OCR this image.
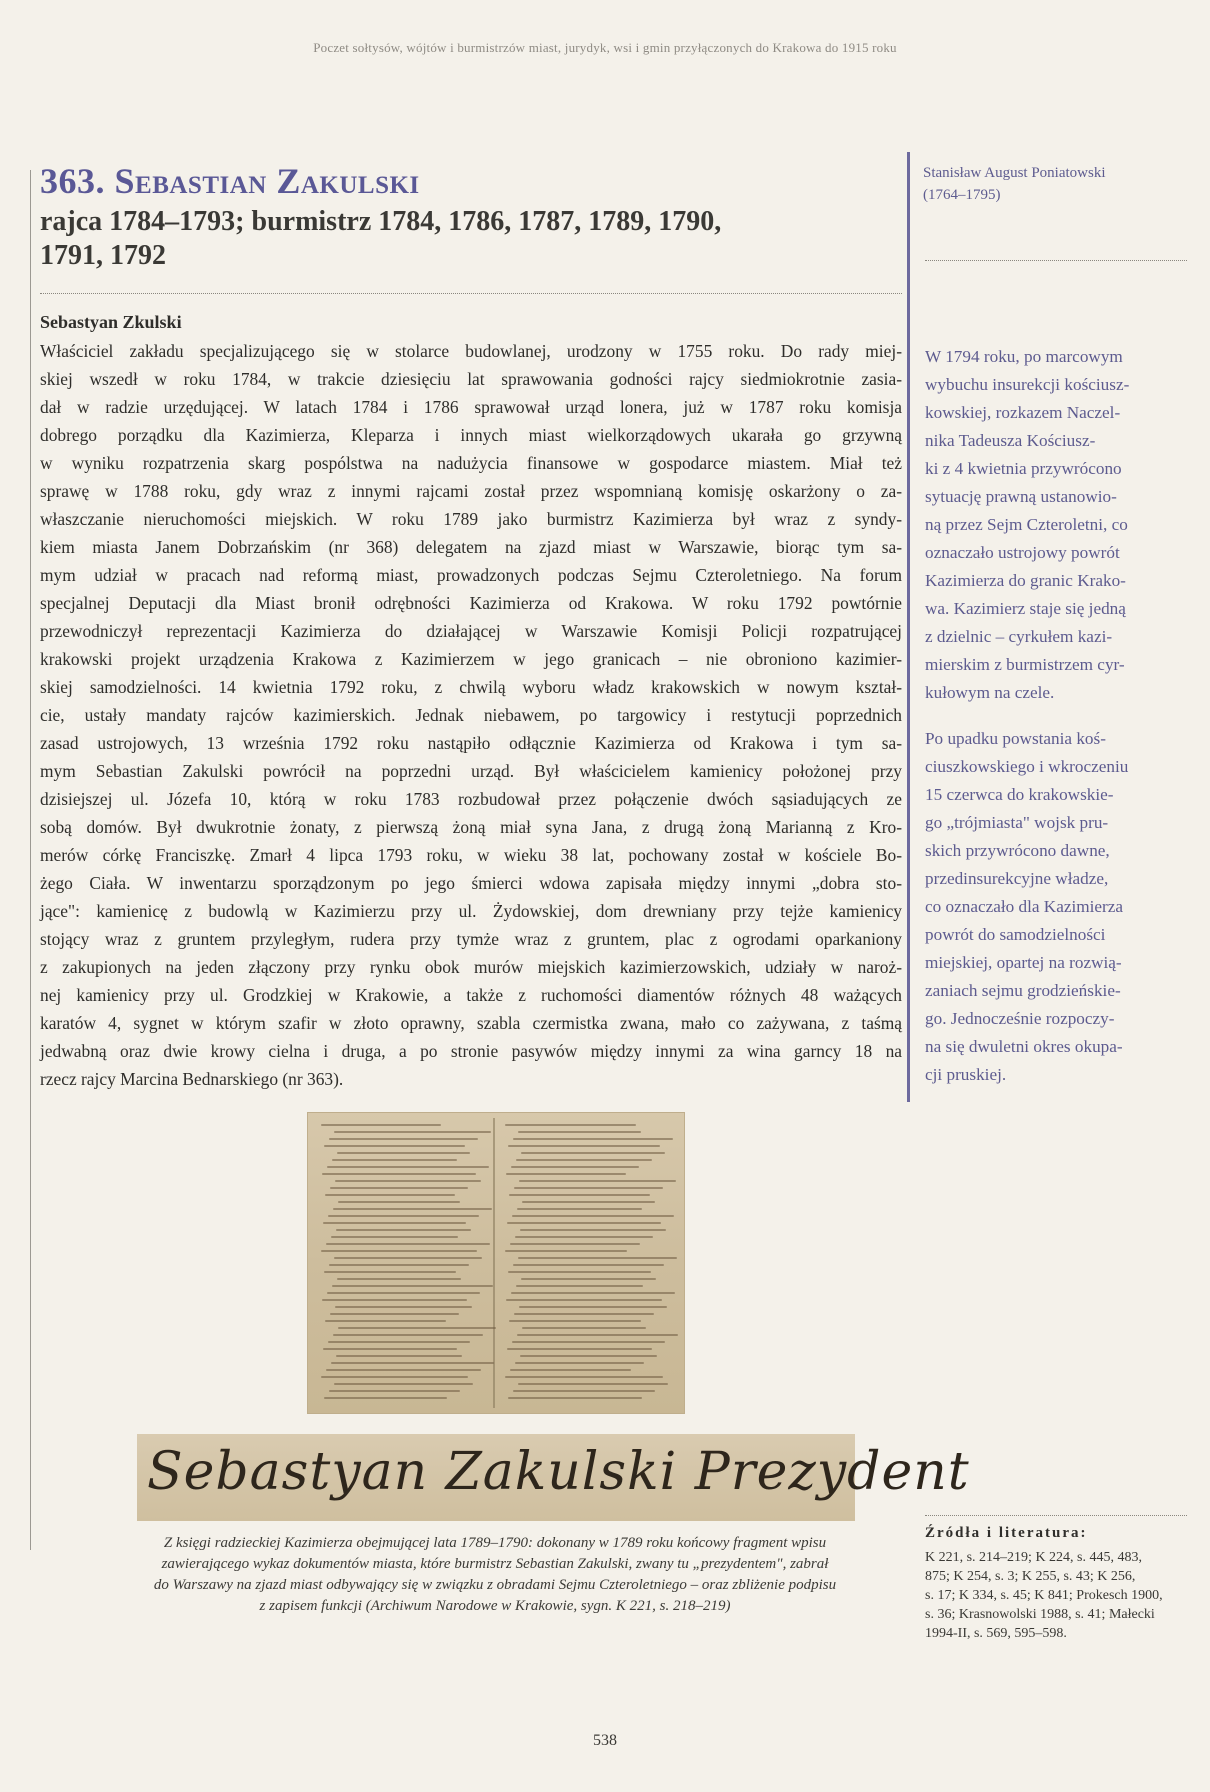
Poczet sołtysów, wójtów i burmistrzów miast, jurydyk, wsi i gmin przyłączonych do Krakowa do 1915 roku
363. Sebastian Zakulski
rajca 1784–1793; burmistrz 1784, 1786, 1787, 1789, 1790,
1791, 1792
Sebastyan Zkulski
Właściciel zakładu specjalizującego się w stolarce budowlanej, urodzony w 1755 roku. Do rady miej-
skiej wszedł w roku 1784, w trakcie dziesięciu lat sprawowania godności rajcy siedmiokrotnie zasia-
dał w radzie urzędującej. W latach 1784 i 1786 sprawował urząd lonera, już w 1787 roku komisja
dobrego porządku dla Kazimierza, Kleparza i innych miast wielkorządowych ukarała go grzywną
w wyniku rozpatrzenia skarg pospólstwa na nadużycia finansowe w gospodarce miastem. Miał też
sprawę w 1788 roku, gdy wraz z innymi rajcami został przez wspomnianą komisję oskarżony o za-
właszczanie nieruchomości miejskich. W roku 1789 jako burmistrz Kazimierza był wraz z syndy-
kiem miasta Janem Dobrzańskim (nr 368) delegatem na zjazd miast w Warszawie, biorąc tym sa-
mym udział w pracach nad reformą miast, prowadzonych podczas Sejmu Czteroletniego. Na forum
specjalnej Deputacji dla Miast bronił odrębności Kazimierza od Krakowa. W roku 1792 powtórnie
przewodniczył reprezentacji Kazimierza do działającej w Warszawie Komisji Policji rozpatrującej
krakowski projekt urządzenia Krakowa z Kazimierzem w jego granicach – nie obroniono kazimier-
skiej samodzielności. 14 kwietnia 1792 roku, z chwilą wyboru władz krakowskich w nowym kształ-
cie, ustały mandaty rajców kazimierskich. Jednak niebawem, po targowicy i restytucji poprzednich
zasad ustrojowych, 13 września 1792 roku nastąpiło odłącznie Kazimierza od Krakowa i tym sa-
mym Sebastian Zakulski powrócił na poprzedni urząd. Był właścicielem kamienicy położonej przy
dzisiejszej ul. Józefa 10, którą w roku 1783 rozbudował przez połączenie dwóch sąsiadujących ze
sobą domów. Był dwukrotnie żonaty, z pierwszą żoną miał syna Jana, z drugą żoną Marianną z Kro-
merów córkę Franciszkę. Zmarł 4 lipca 1793 roku, w wieku 38 lat, pochowany został w kościele Bo-
żego Ciała. W inwentarzu sporządzonym po jego śmierci wdowa zapisała między innymi „dobra sto-
jące": kamienicę z budowlą w Kazimierzu przy ul. Żydowskiej, dom drewniany przy tejże kamienicy
stojący wraz z gruntem przyległym, rudera przy tymże wraz z gruntem, plac z ogrodami oparkaniony
z zakupionych na jeden złączony przy rynku obok murów miejskich kazimierzowskich, udziały w naroż-
nej kamienicy przy ul. Grodzkiej w Krakowie, a także z ruchomości diamentów różnych 48 ważących
karatów 4, sygnet w którym szafir w złoto oprawny, szabla czermistka zwana, mało co zażywana, z taśmą
jedwabną oraz dwie krowy cielna i druga, a po stronie pasywów między innymi za wina garncy 18 na
rzecz rajcy Marcina Bednarskiego (nr 363).
Stanisław August Poniatowski
(1764–1795)

W 1794 roku, po marcowym
wybuchu insurekcji kościusz-
kowskiej, rozkazem Naczel-
nika Tadeusza Kościusz-
ki z 4 kwietnia przywrócono
sytuację prawną ustanowio-
ną przez Sejm Czteroletni, co
oznaczało ustrojowy powrót
Kazimierza do granic Krako-
wa. Kazimierz staje się jedną
z dzielnic – cyrkułem kazi-
mierskim z burmistrzem cyr-
kułowym na czele.

Po upadku powstania koś-
ciuszkowskiego i wkroczeniu
15 czerwca do krakowskie-
go „trójmiasta" wojsk pru-
skich przywrócono dawne,
przedinsurekcyjne władze,
co oznaczało dla Kazimierza
powrót do samodzielności
miejskiej, opartej na rozwią-
zaniach sejmu grodzieńskie-
go. Jednocześnie rozpoczy-
na się dwuletni okres okupa-
cji pruskiej.

Sebastyan Zakulski Prezydent
Z księgi radzieckiej Kazimierza obejmującej lata 1789–1790: dokonany w 1789 roku końcowy fragment wpisu
zawierającego wykaz dokumentów miasta, które burmistrz Sebastian Zakulski, zwany tu „prezydentem", zabrał
do Warszawy na zjazd miast odbywający się w związku z obradami Sejmu Czteroletniego – oraz zbliżenie podpisu
z zapisem funkcji (Archiwum Narodowe w Krakowie, sygn. K 221, s. 218–219)
Źródła i literatura:
K 221, s. 214–219; K 224, s. 445, 483,
875; K 254, s. 3; K 255, s. 43; K 256,
s. 17; K 334, s. 45; K 841; Prokesch 1900,
s. 36; Krasnowolski 1988, s. 41; Małecki
1994-II, s. 569, 595–598.
538
